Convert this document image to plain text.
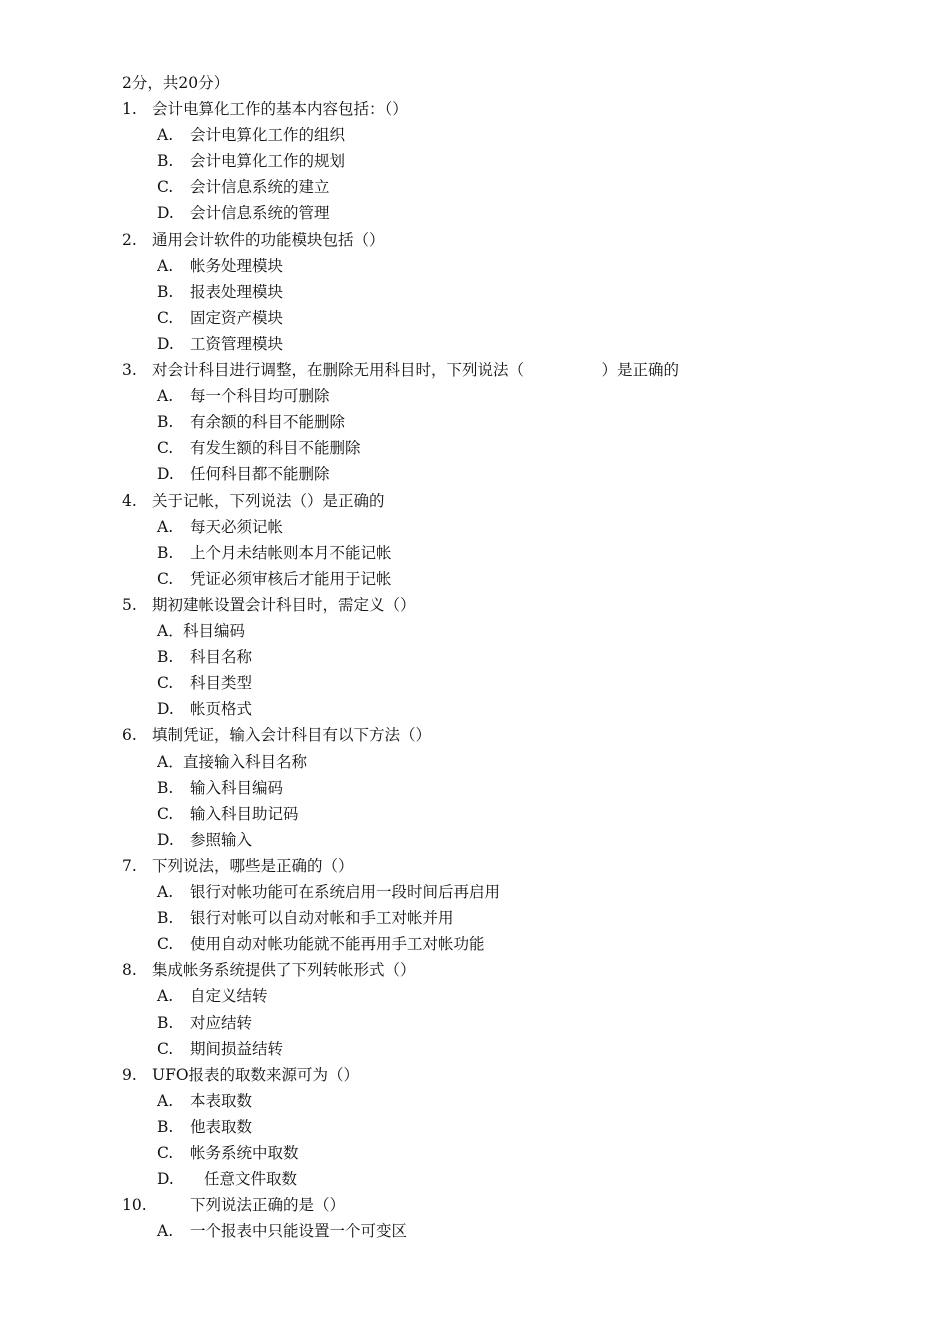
2分，共20分）
1. 会计电算化工作的基本内容包括：（）
A. 会计电算化工作的组织
B. 会计电算化工作的规划
C. 会计信息系统的建立
D. 会计信息系统的管理
2. 通用会计软件的功能模块包括（）
A. 帐务处理模块
B. 报表处理模块
C. 固定资产模块
D. 工资管理模块
3. 对会计科目进行调整，在删除无用科目时，下列说法（　　　　　）是正确的
A. 每一个科目均可删除
B. 有余额的科目不能删除
C. 有发生额的科目不能删除
D. 任何科目都不能删除
4. 关于记帐，下列说法（）是正确的
A. 每天必须记帐
B. 上个月未结帐则本月不能记帐
C. 凭证必须审核后才能用于记帐
5. 期初建帐设置会计科目时，需定义（）
A． 科目编码
B. 科目名称
C. 科目类型
D. 帐页格式
6. 填制凭证，输入会计科目有以下方法（）
A． 直接输入科目名称
B. 输入科目编码
C. 输入科目助记码
D. 参照输入
7. 下列说法，哪些是正确的（）
A. 银行对帐功能可在系统启用一段时间后再启用
B. 银行对帐可以自动对帐和手工对帐并用
C. 使用自动对帐功能就不能再用手工对帐功能
8. 集成帐务系统提供了下列转帐形式（）
A. 自定义结转
B. 对应结转
C. 期间损益结转
9. UFO报表的取数来源可为（）
A. 本表取数
B. 他表取数
C. 帐务系统中取数
D. 任意文件取数
10.	下列说法正确的是（）
A. 一个报表中只能设置一个可变区
